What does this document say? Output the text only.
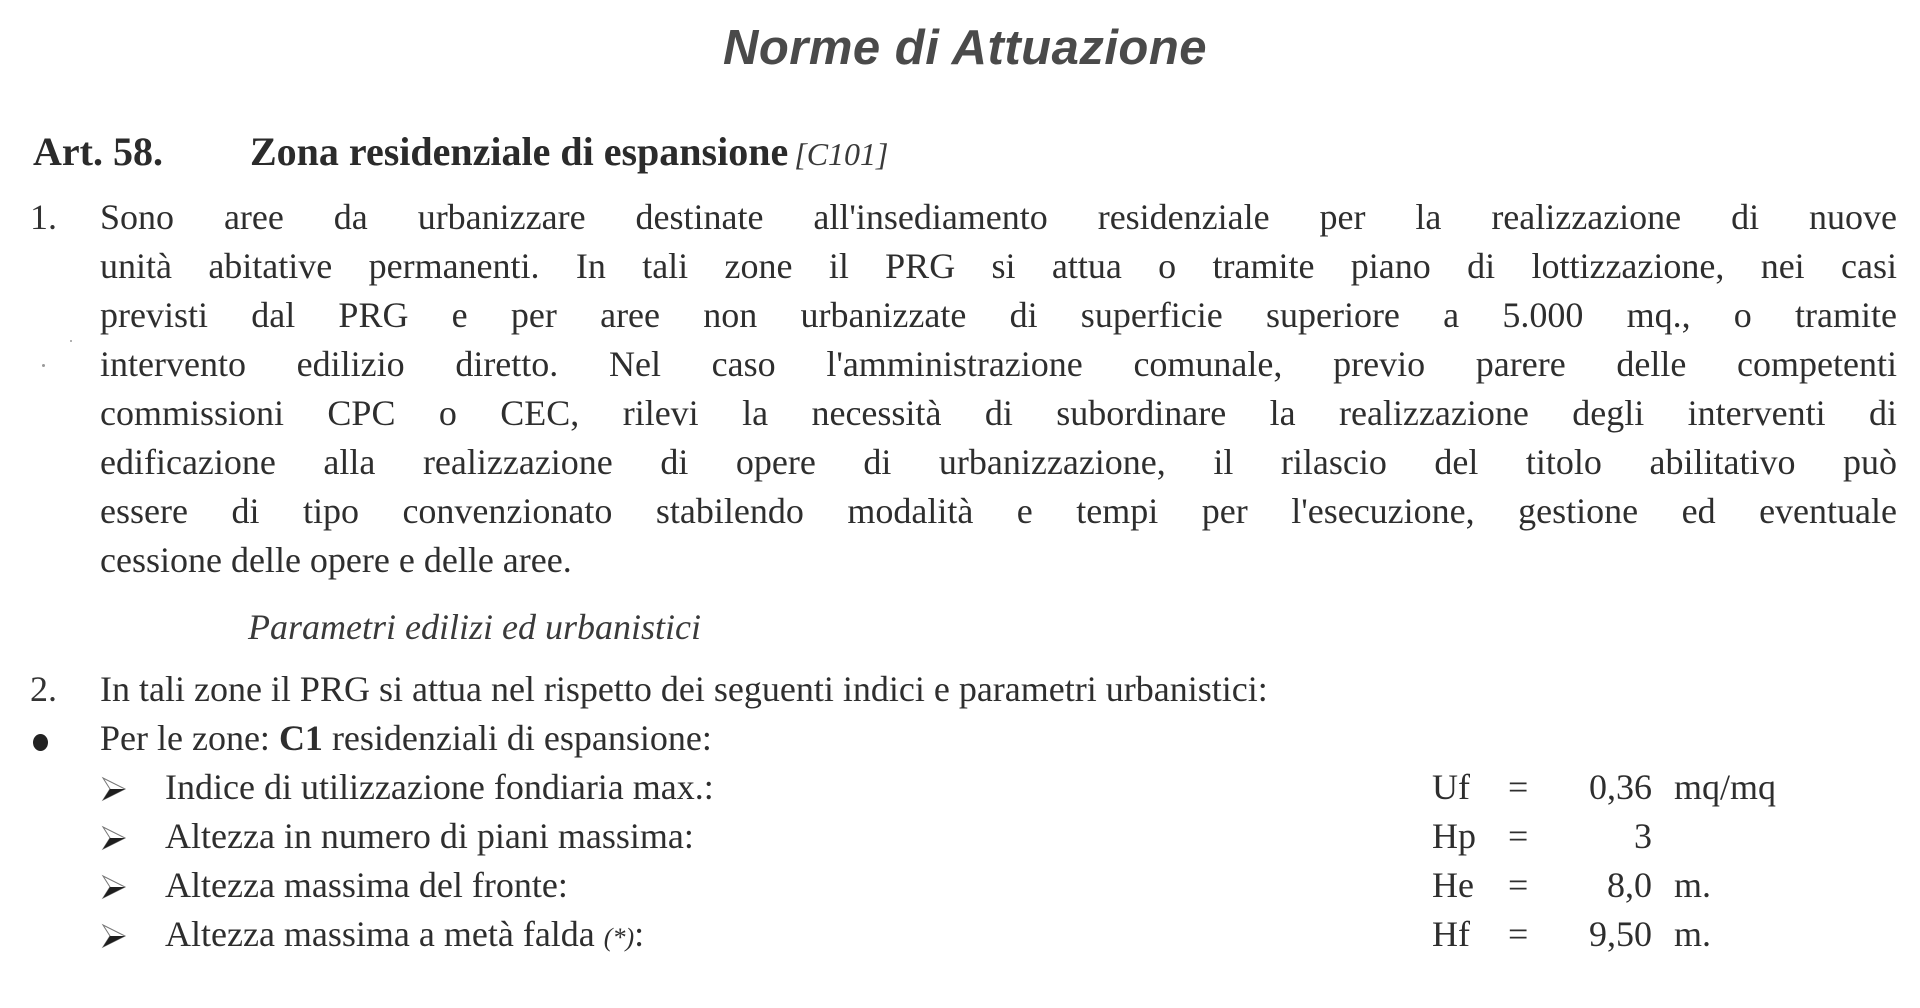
Norme di Attuazione
Art. 58. Zona residenziale di espansione [C101]
1. Sono aree da urbanizzare destinate all'insediamento residenziale per la realizzazione di nuove
unità abitative permanenti. In tali zone il PRG si attua o tramite piano di lottizzazione, nei casi
previsti dal PRG e per aree non urbanizzate di superficie superiore a 5.000 mq., o tramite
intervento edilizio diretto. Nel caso l'amministrazione comunale, previo parere delle competenti
commissioni CPC o CEC, rilevi la necessità di subordinare la realizzazione degli interventi di
edificazione alla realizzazione di opere di urbanizzazione, il rilascio del titolo abilitativo può
essere di tipo convenzionato stabilendo modalità e tempi per l'esecuzione, gestione ed eventuale
cessione delle opere e delle aree.
Parametri edilizi ed urbanistici
2. In tali zone il PRG si attua nel rispetto dei seguenti indici e parametri urbanistici:
Per le zone: C1 residenziali di espansione:
Indice di utilizzazione fondiaria max.:	Uf =	0,36 mq/mq
Altezza in numero di piani massima:	Hp =	3
Altezza massima del fronte:	He =	8,0 m.
Altezza massima a metà falda (*):	Hf =	9,50 m.
